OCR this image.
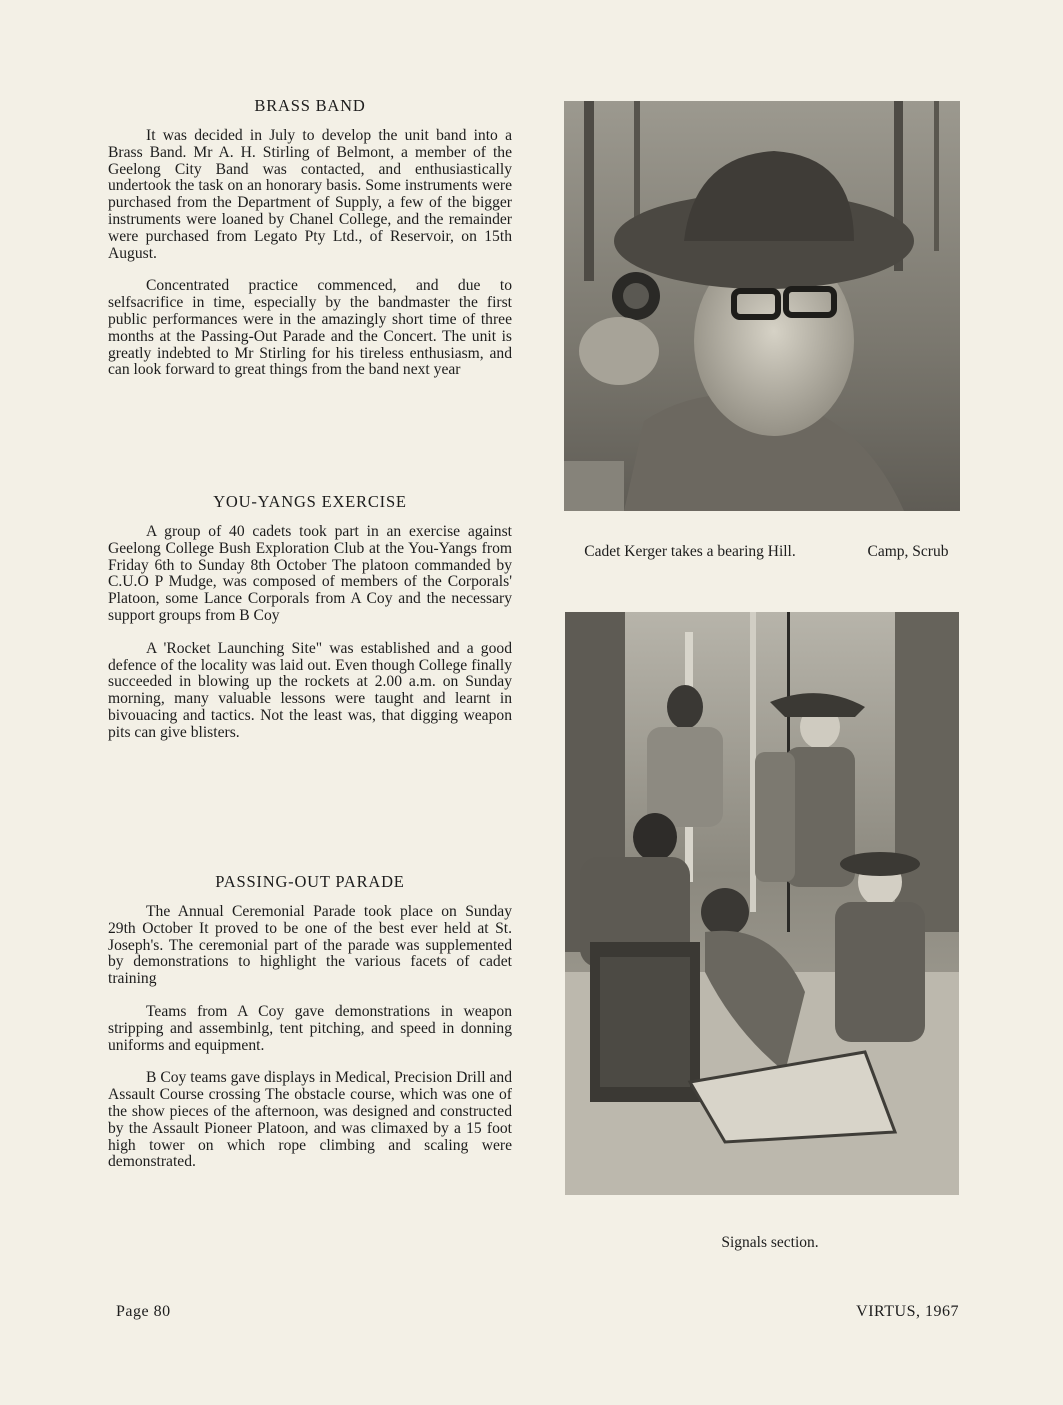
BRASS BAND

It was decided in July to develop the unit band into a Brass Band. Mr A. H. Stirling of Belmont, a member of the Geelong City Band was contacted, and enthusiastically undertook the task on an honorary basis. Some instruments were purchased from the Department of Supply, a few of the bigger instruments were loaned by Chanel College, and the remainder were purchased from Legato Pty Ltd., of Reservoir, on 15th August.

Concentrated practice commenced, and due to selfsacrifice in time, especially by the bandmaster the first public performances were in the amazingly short time of three months at the Passing-Out Parade and the Concert. The unit is greatly indebted to Mr Stirling for his tireless enthusiasm, and can look forward to great things from the band next year

YOU-YANGS EXERCISE

A group of 40 cadets took part in an exercise against Geelong College Bush Exploration Club at the You-Yangs from Friday 6th to Sunday 8th October The platoon commanded by C.U.O P Mudge, was composed of members of the Corporals' Platoon, some Lance Corporals from A Coy and the necessary support groups from B Coy

A 'Rocket Launching Site" was established and a good defence of the locality was laid out. Even though College finally succeeded in blowing up the rockets at 2.00 a.m. on Sunday morning, many valuable lessons were taught and learnt in bivouacing and tactics. Not the least was, that digging weapon pits can give blisters.

PASSING-OUT PARADE

The Annual Ceremonial Parade took place on Sunday 29th October It proved to be one of the best ever held at St. Joseph's. The ceremonial part of the parade was supplemented by demonstrations to highlight the various facets of cadet training

Teams from A Coy gave demonstrations in weapon stripping and assembinlg, tent pitching, and speed in donning uniforms and equipment.

B Coy teams gave displays in Medical, Precision Drill and Assault Course crossing The obstacle course, which was one of the show pieces of the afternoon, was designed and constructed by the Assault Pioneer Platoon, and was climaxed by a 15 foot high tower on which rope climbing and scaling were demonstrated.

Cadet Kerger takes a bearing Hill.	Camp, Scrub
Signals section.
Page 80	VIRTUS, 1967
